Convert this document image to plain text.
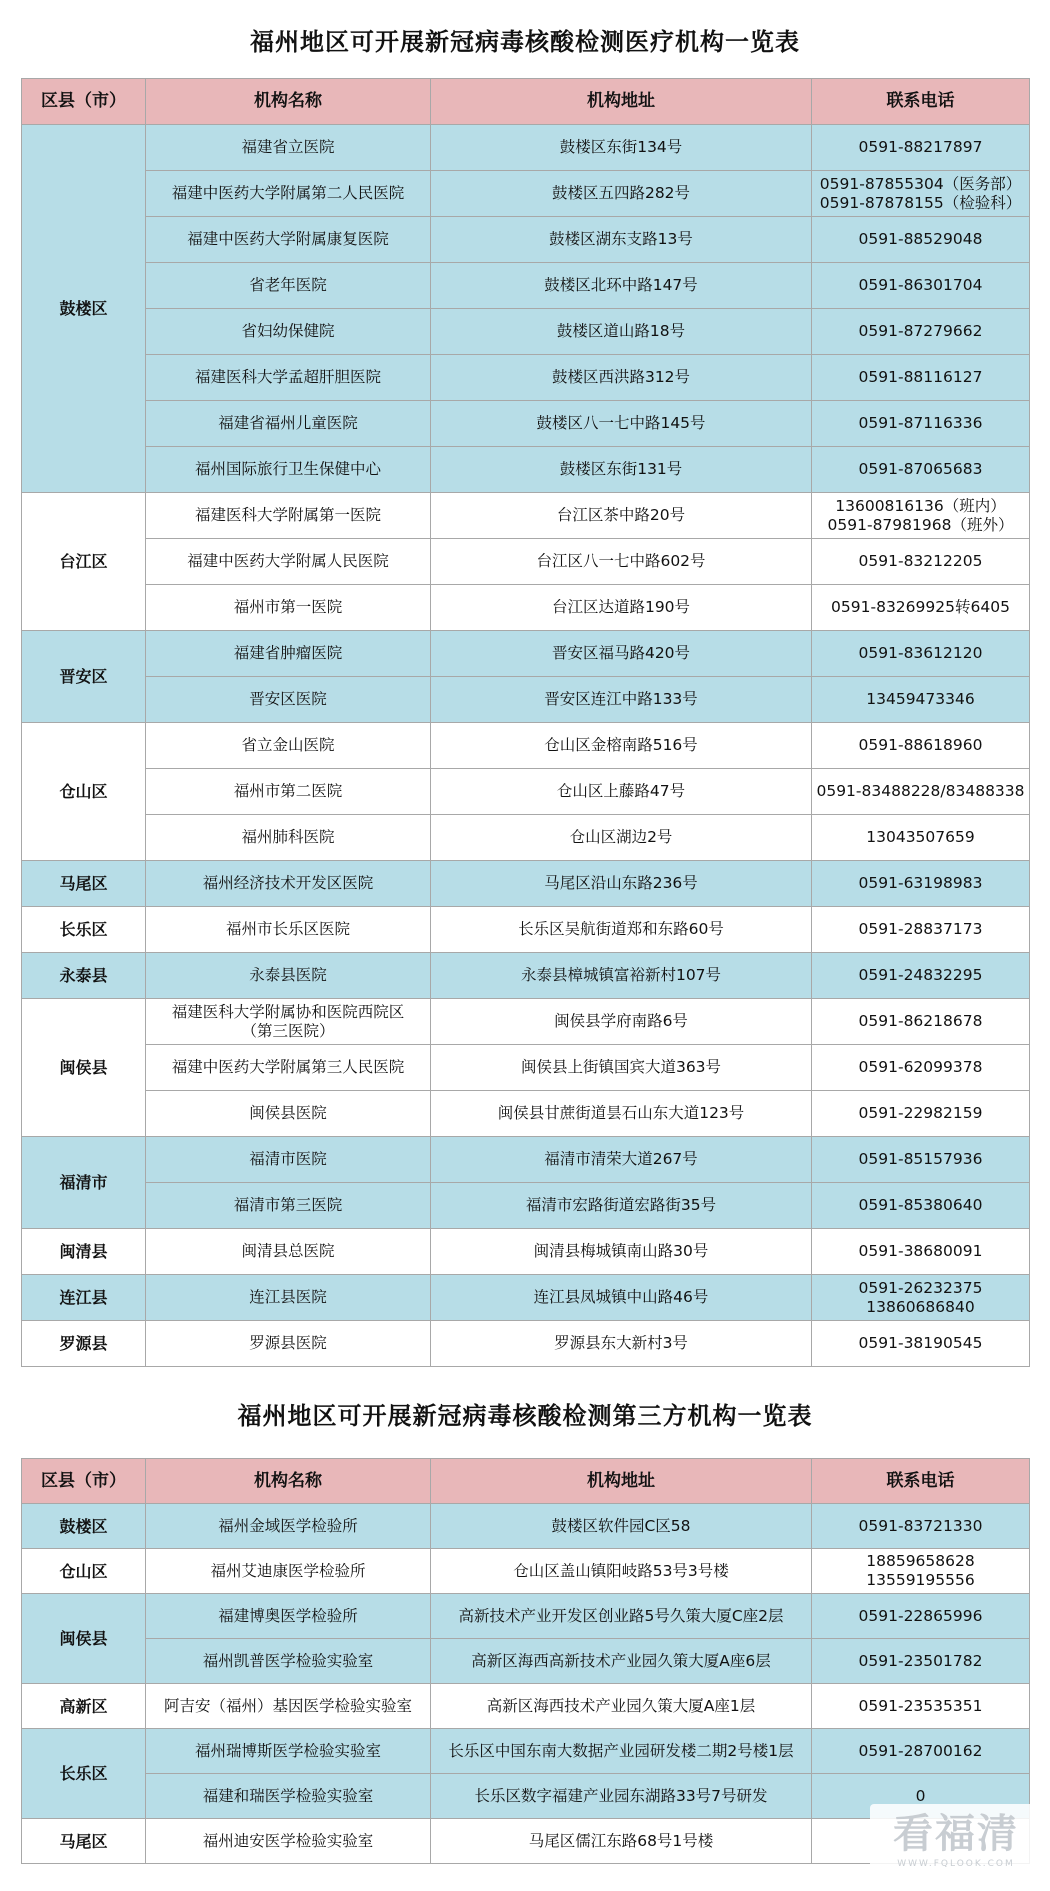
福州地区可开展新冠病毒核酸检测医疗机构一览表
区县（市）	机构名称	机构地址	联系电话
鼓楼区	福建省立医院	鼓楼区东街134号	0591-88217897
	福建中医药大学附属第二人民医院	鼓楼区五四路282号	0591-87855304（医务部）
0591-87878155（检验科）
	福建中医药大学附属康复医院	鼓楼区湖东支路13号	0591-88529048
	省老年医院	鼓楼区北环中路147号	0591-86301704
	省妇幼保健院	鼓楼区道山路18号	0591-87279662
	福建医科大学孟超肝胆医院	鼓楼区西洪路312号	0591-88116127
	福建省福州儿童医院	鼓楼区八一七中路145号	0591-87116336
	福州国际旅行卫生保健中心	鼓楼区东街131号	0591-87065683
台江区	福建医科大学附属第一医院	台江区茶中路20号	13600816136（班内）
0591-87981968（班外）
	福建中医药大学附属人民医院	台江区八一七中路602号	0591-83212205
	福州市第一医院	台江区达道路190号	0591-83269925转6405
晋安区	福建省肿瘤医院	晋安区福马路420号	0591-83612120
	晋安区医院	晋安区连江中路133号	13459473346
仓山区	省立金山医院	仓山区金榕南路516号	0591-88618960
	福州市第二医院	仓山区上藤路47号	0591-83488228/83488338
	福州肺科医院	仓山区湖边2号	13043507659
马尾区	福州经济技术开发区医院	马尾区沿山东路236号	0591-63198983
长乐区	福州市长乐区医院	长乐区吴航街道郑和东路60号	0591-28837173
永泰县	永泰县医院	永泰县樟城镇富裕新村107号	0591-24832295
闽侯县	福建医科大学附属协和医院西院区
（第三医院）	闽侯县学府南路6号	0591-86218678
	福建中医药大学附属第三人民医院	闽侯县上街镇国宾大道363号	0591-62099378
	闽侯县医院	闽侯县甘蔗街道昙石山东大道123号	0591-22982159
福清市	福清市医院	福清市清荣大道267号	0591-85157936
	福清市第三医院	福清市宏路街道宏路街35号	0591-85380640
闽清县	闽清县总医院	闽清县梅城镇南山路30号	0591-38680091
连江县	连江县医院	连江县凤城镇中山路46号	0591-26232375
13860686840
罗源县	罗源县医院	罗源县东大新村3号	0591-38190545
福州地区可开展新冠病毒核酸检测第三方机构一览表
区县（市）	机构名称	机构地址	联系电话
鼓楼区	福州金域医学检验所	鼓楼区软件园C区58	0591-83721330
仓山区	福州艾迪康医学检验所	仓山区盖山镇阳岐路53号3号楼	18859658628
13559195556
闽侯县	福建博奥医学检验所	高新技术产业开发区创业路5号久策大厦C座2层	0591-22865996
	福州凯普医学检验实验室	高新区海西高新技术产业园久策大厦A座6层	0591-23501782
高新区	阿吉安（福州）基因医学检验实验室	高新区海西技术产业园久策大厦A座1层	0591-23535351
长乐区	福州瑞博斯医学检验实验室	长乐区中国东南大数据产业园研发楼二期2号楼1层	0591-28700162
	福建和瑞医学检验实验室	长乐区数字福建产业园东湖路33号7号研发	0
马尾区	福州迪安医学检验实验室	马尾区儒江东路68号1号楼		看福清
WWW.FQLOOK.COM
